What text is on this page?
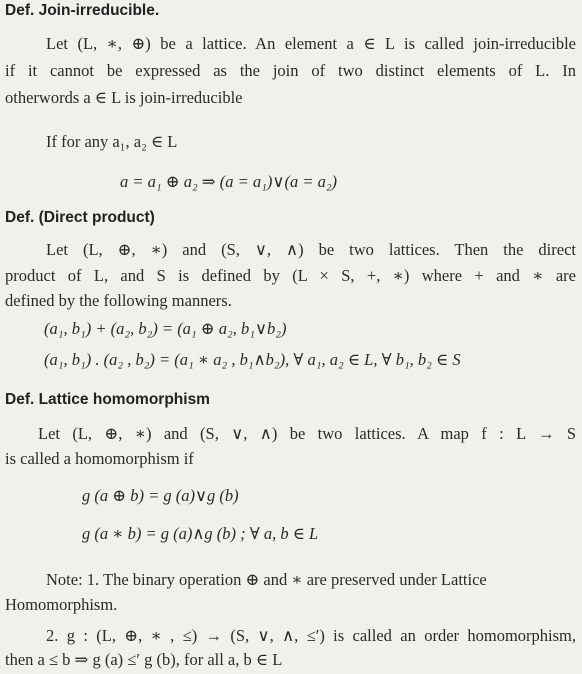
Def. Join-irreducible.
Let (L, ∗, ⊕) be a lattice. An element a ∈ L is called join-irreducible
if it cannot be expressed as the join of two distinct elements of L. In
otherwords a ∈ L is join-irreducible
If for any a₁, a₂ ∈ L
a = a₁ ⊕ a₂ ⇒ (a = a₁)∨(a = a₂)
Def. (Direct product)
Let (L, ⊕, ∗) and (S, ∨, ∧) be two lattices. Then the direct
product of L, and S is defined by (L × S, +, ∗) where + and ∗ are
defined by the following manners.
(a₁, b₁) + (a₂, b₂) = (a₁ ⊕ a₂, b₁∨b₂)
(a₁, b₁) . (a₂ , b₂) = (a₁ ∗ a₂ , b₁∧b₂), ∀ a₁, a₂ ∈ L, ∀ b₁, b₂ ∈ S
Def. Lattice homomorphism
Let (L, ⊕, ∗) and (S, ∨, ∧) be two lattices. A map f : L → S
is called a homomorphism if
g (a ⊕ b) = g (a)∨g (b)
g (a ∗ b) = g (a)∧g (b) ; ∀ a, b ∈ L
Note: 1. The binary operation ⊕ and ∗ are preserved under Lattice
Homomorphism.
2. g : (L, ⊕, ∗ , ≤) → (S, ∨, ∧, ≤′) is called an order homomorphism,
then a ≤ b ⇒ g (a) ≤′ g (b), for all a, b ∈ L
